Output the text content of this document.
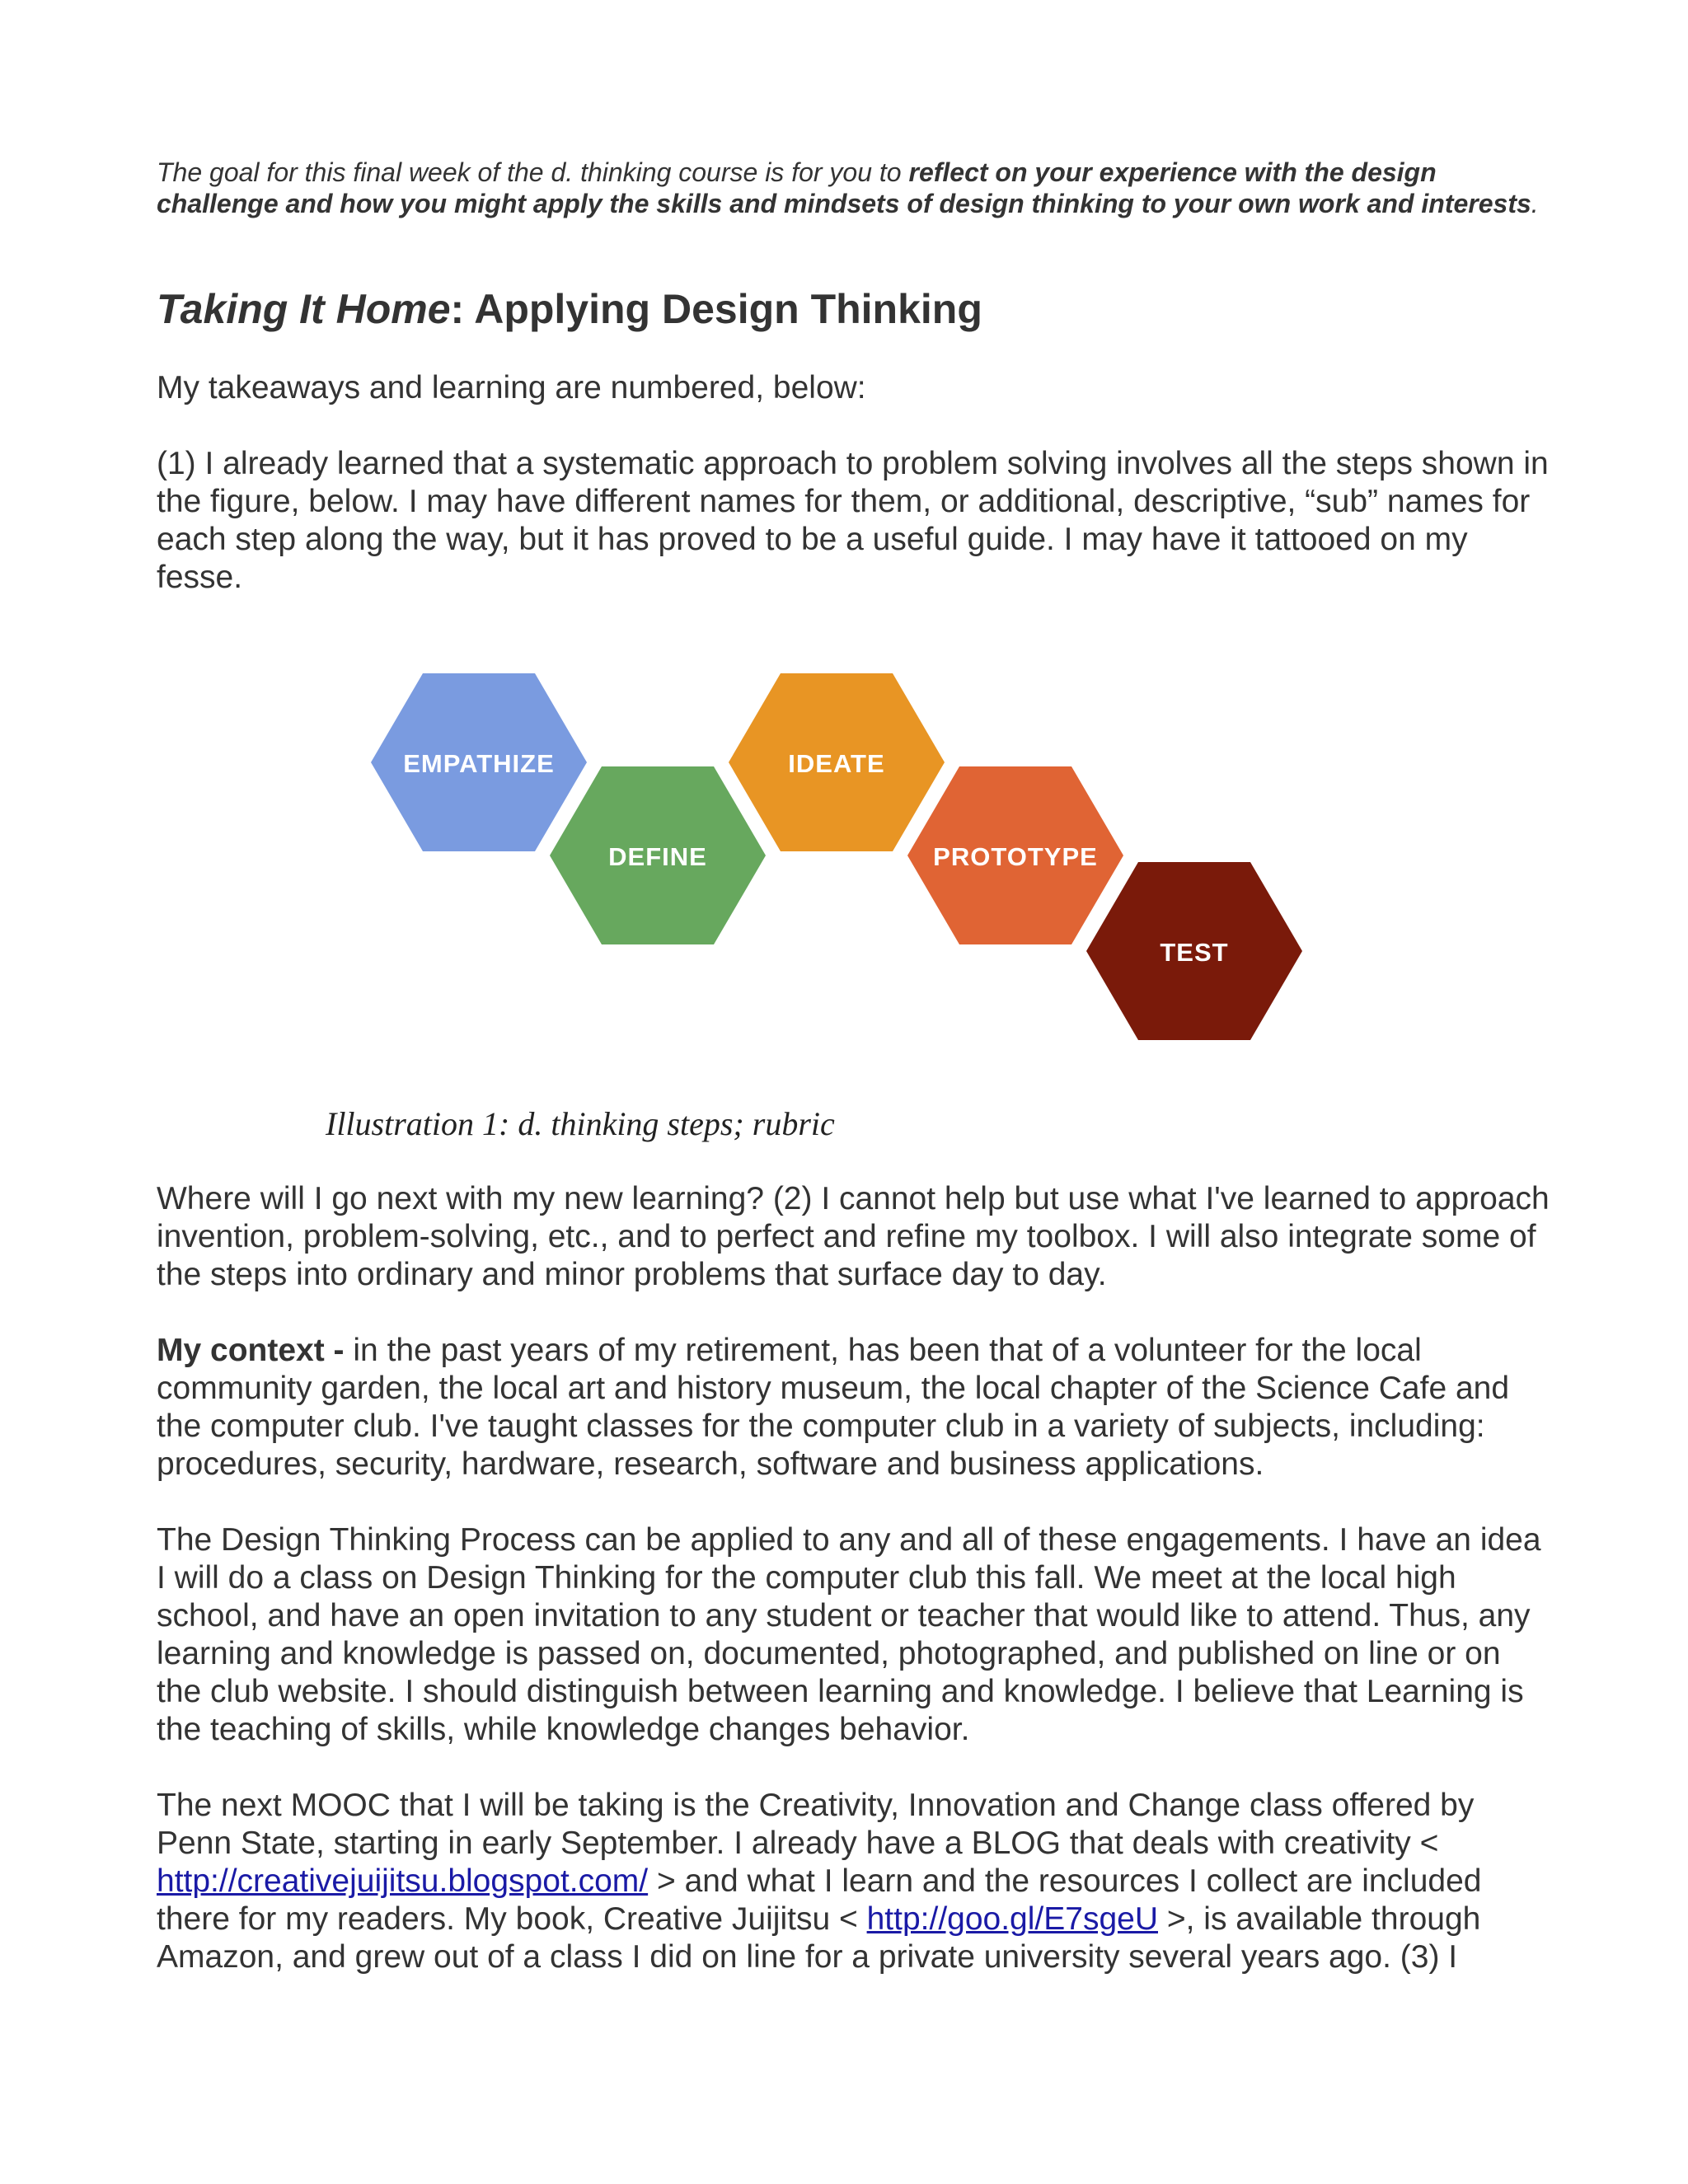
The goal for this final week of the d. thinking course is for you to reflect on your experience with the design challenge and how you might apply the skills and mindsets of design thinking to your own work and interests.
Taking It Home: Applying Design Thinking
My takeaways and learning are numbered, below:
(1) I already learned that a systematic approach to problem solving involves all the steps shown in the figure, below. I may have different names for them, or additional, descriptive, “sub” names for each step along the way, but it has proved to be a useful guide. I may have it tattooed on my fesse.
EMPATHIZE
DEFINE
IDEATE
PROTOTYPE
TEST
Illustration 1: d. thinking steps; rubric
Where will I go next with my new learning? (2) I cannot help but use what I've learned to approach invention, problem-solving, etc., and to perfect and refine my toolbox. I will also integrate some of the steps into ordinary and minor problems that surface day to day.
My context - in the past years of my retirement, has been that of a volunteer for the local community garden, the local art and history museum, the local chapter of the Science Cafe and the computer club. I've taught classes for the computer club in a variety of subjects, including: procedures, security, hardware, research, software and business applications.
The Design Thinking Process can be applied to any and all of these engagements. I have an idea I will do a class on Design Thinking for the computer club this fall. We meet at the local high school, and have an open invitation to any student or teacher that would like to attend. Thus, any learning and knowledge is passed on, documented, photographed, and published on line or on the club website. I should distinguish between learning and knowledge. I believe that Learning is the teaching of skills, while knowledge changes behavior.
The next MOOC that I will be taking is the Creativity, Innovation and Change class offered by Penn State, starting in early September. I already have a BLOG that deals with creativity < http://creativejuijitsu.blogspot.com/ > and what I learn and the resources I collect are included there for my readers. My book, Creative Juijitsu < http://goo.gl/E7sgeU >, is available through Amazon, and grew out of a class I did on line for a private university several years ago. (3) I
